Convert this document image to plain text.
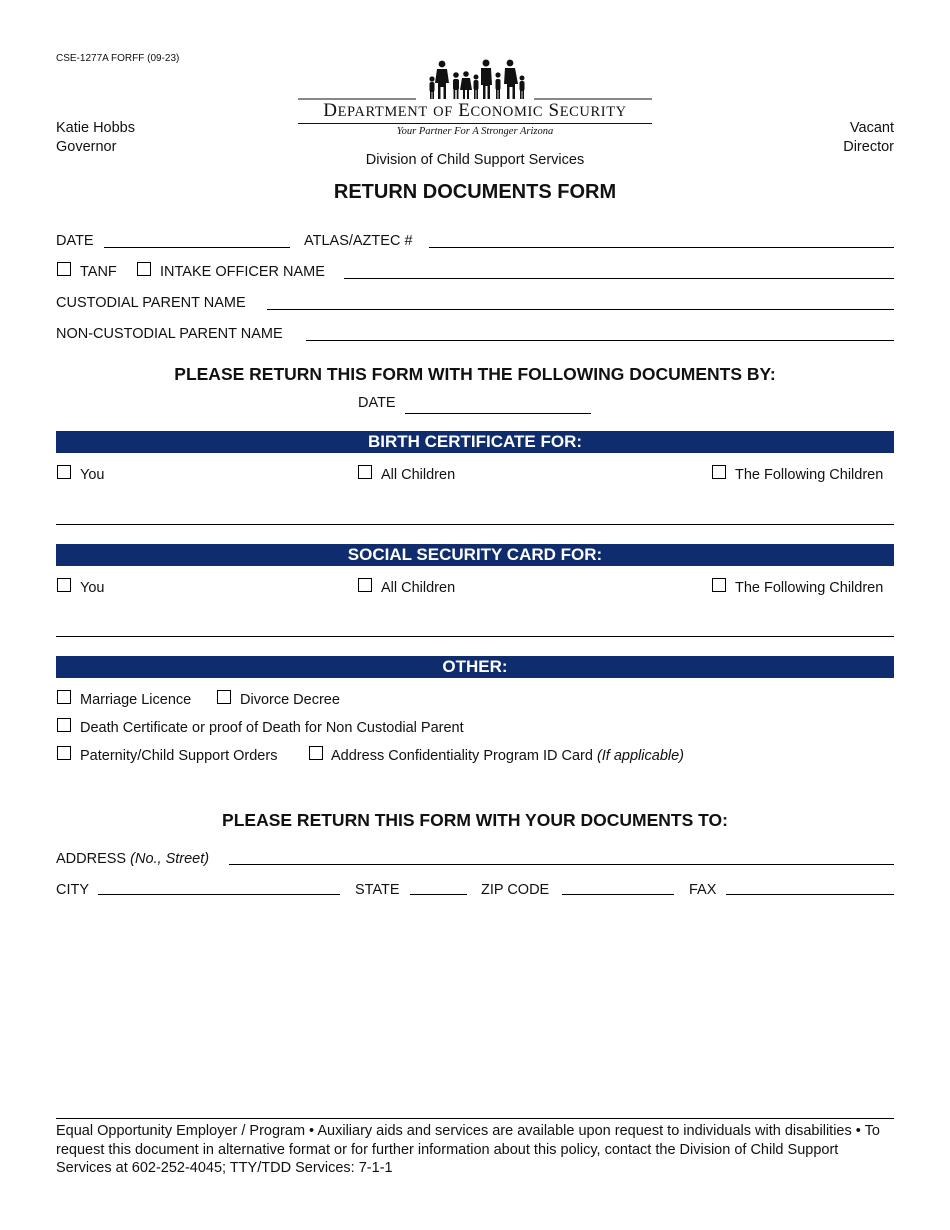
CSE-1277A FORFF (09-23)
Katie Hobbs
Governor
Vacant
Director
DEPARTMENT OF ECONOMIC SECURITY
Your Partner For A Stronger Arizona
Division of Child Support Services
RETURN DOCUMENTS FORM
DATE	ATLAS/AZTEC #
TANF	INTAKE OFFICER NAME
CUSTODIAL PARENT NAME
NON-CUSTODIAL PARENT NAME
PLEASE RETURN THIS FORM WITH THE FOLLOWING DOCUMENTS BY:
DATE
BIRTH CERTIFICATE FOR:
You	All Children	The Following Children
SOCIAL SECURITY CARD FOR:
You	All Children	The Following Children
OTHER:
Marriage Licence	Divorce Decree
Death Certificate or proof of Death for Non Custodial Parent
Paternity/Child Support Orders	Address Confidentiality Program ID Card (If applicable)
PLEASE RETURN THIS FORM WITH YOUR DOCUMENTS TO:
ADDRESS (No., Street)
CITY	STATE	ZIP CODE	FAX
Equal Opportunity Employer / Program • Auxiliary aids and services are available upon request to individuals with disabilities • To request this document in alternative format or for further information about this policy, contact the Division of Child Support Services at 602-252-4045; TTY/TDD Services: 7-1-1
